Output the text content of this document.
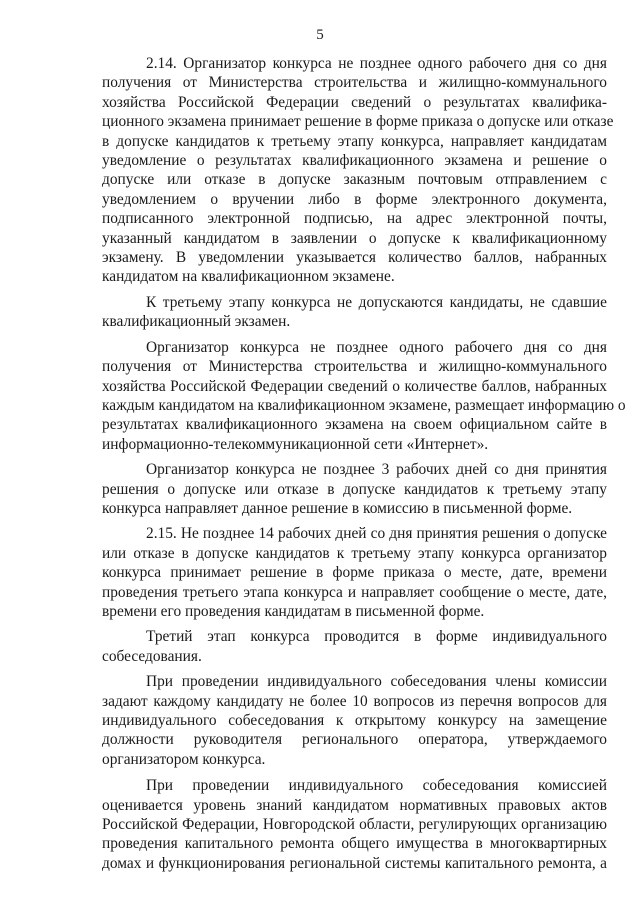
5
2.14. Организатор конкурса не позднее одного рабочего дня со дня
получения от Министерства строительства и жилищно-коммунального
хозяйства Российской Федерации сведений о результатах квалифика-
ционного экзамена принимает решение в форме приказа о допуске или отказе
в допуске кандидатов к третьему этапу конкурса, направляет кандидатам
уведомление о результатах квалификационного экзамена и решение о
допуске или отказе в допуске заказным почтовым отправлением с
уведомлением о вручении либо в форме электронного документа,
подписанного электронной подписью, на адрес электронной почты,
указанный кандидатом в заявлении о допуске к квалификационному
экзамену. В уведомлении указывается количество баллов, набранных
кандидатом на квалификационном экзамене.
К третьему этапу конкурса не допускаются кандидаты, не сдавшие
квалификационный экзамен.
Организатор конкурса не позднее одного рабочего дня со дня
получения от Министерства строительства и жилищно-коммунального
хозяйства Российской Федерации сведений о количестве баллов, набранных
каждым кандидатом на квалификационном экзамене, размещает информацию о
результатах квалификационного экзамена на своем официальном сайте в
информационно-телекоммуникационной сети «Интернет».
Организатор конкурса не позднее 3 рабочих дней со дня принятия
решения о допуске или отказе в допуске кандидатов к третьему этапу
конкурса направляет данное решение в комиссию в письменной форме.
2.15. Не позднее 14 рабочих дней со дня принятия решения о допуске
или отказе в допуске кандидатов к третьему этапу конкурса организатор
конкурса принимает решение в форме приказа о месте, дате, времени
проведения третьего этапа конкурса и направляет сообщение о месте, дате,
времени его проведения кандидатам в письменной форме.
Третий этап конкурса проводится в форме индивидуального
собеседования.
При проведении индивидуального собеседования члены комиссии
задают каждому кандидату не более 10 вопросов из перечня вопросов для
индивидуального собеседования к открытому конкурсу на замещение
должности руководителя регионального оператора, утверждаемого
организатором конкурса.
При проведении индивидуального собеседования комиссией
оценивается уровень знаний кандидатом нормативных правовых актов
Российской Федерации, Новгородской области, регулирующих организацию
проведения капитального ремонта общего имущества в многоквартирных
домах и функционирования региональной системы капитального ремонта, а
